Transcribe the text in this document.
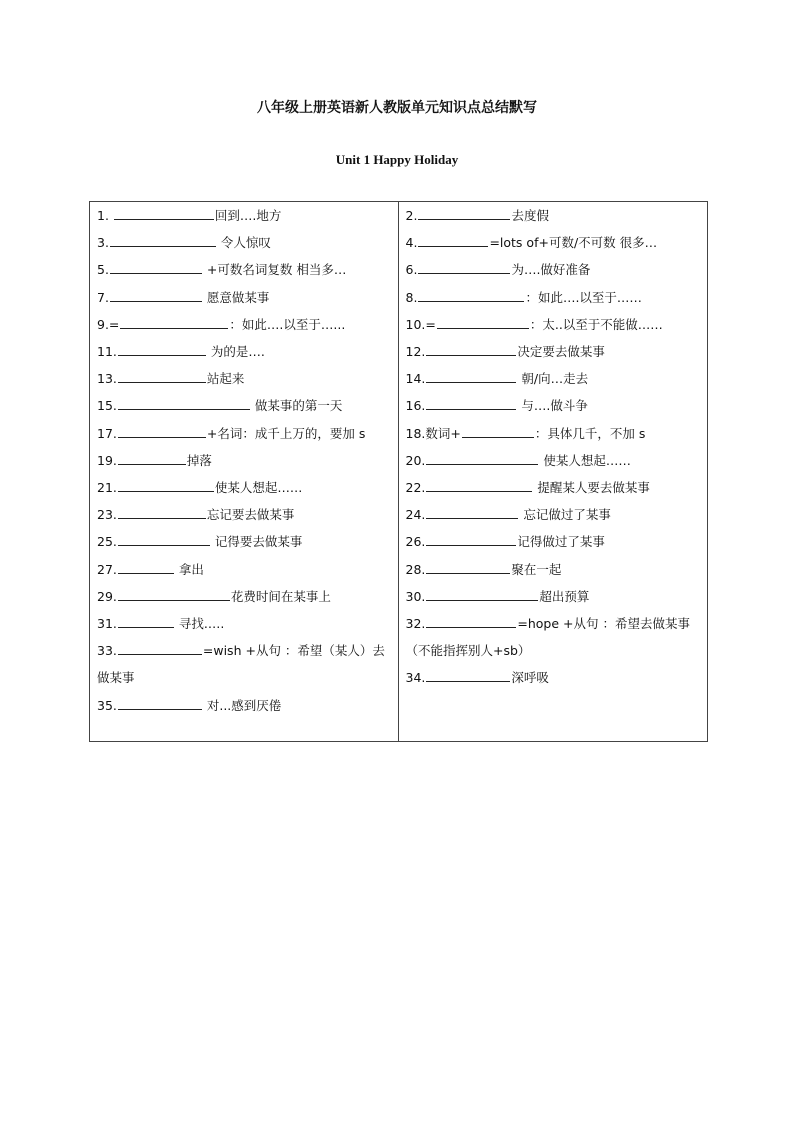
八年级上册英语新人教版单元知识点总结默写
Unit 1 Happy Holiday
1.	回到….地方
3.	令人惊叹
5.	+可数名词复数 相当多…
7.	愿意做某事
9.=	：如此….以至于…...
11.	为的是….
13.	站起来
15.	做某事的第一天
17.	+名词：成千上万的，要加 s
19.	掉落
21.	使某人想起……
23.	忘记要去做某事
25.	记得要去做某事
27.	拿出
29.	花费时间在某事上
31.	寻找.….
33.	=wish +从句 ：希望（某人）去做某事
35.	对...感到厌倦
2.	去度假
4.	=lots of+可数/不可数 很多…
6.	为….做好准备
8.	：如此….以至于……
10.=	：太..以至于不能做……
12.	决定要去做某事
14.	朝/向…走去
16.	与….做斗争
18.数词+	：具体几千，不加 s
20.	使某人想起……
22.	提醒某人要去做某事
24.	忘记做过了某事
26.	记得做过了某事
28.	聚在一起
30.	超出预算
32.	=hope +从句 ：希望去做某事（不能指挥别人+sb）
34.	深呼吸
